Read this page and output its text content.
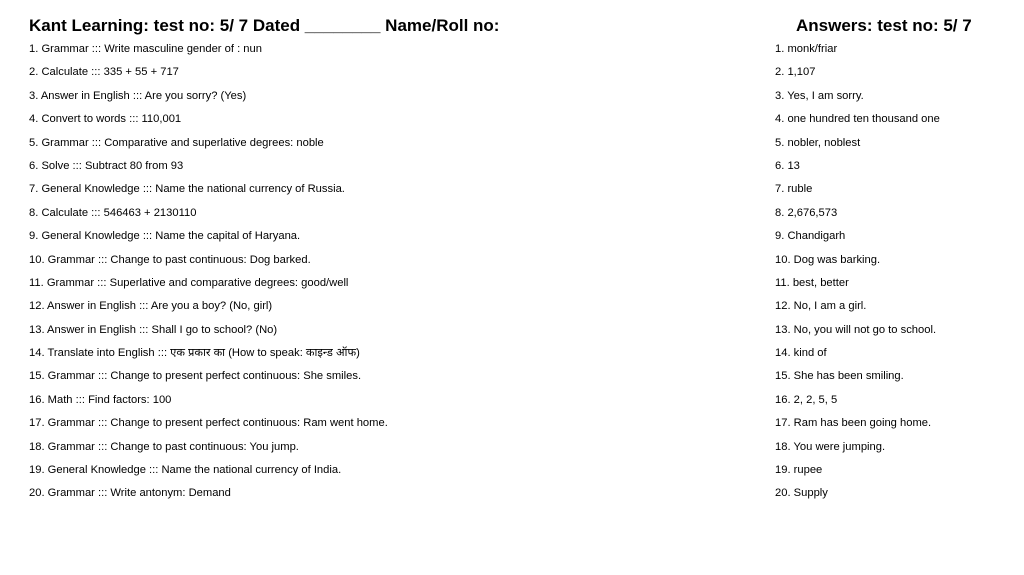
Kant Learning: test no: 5/ 7 Dated ________ Name/Roll no:	Answers: test no: 5/ 7
1. Grammar ::: Write masculine gender of : nun
2. Calculate ::: 335 + 55 + 717
3. Answer in English ::: Are you sorry? (Yes)
4. Convert to words ::: 110,001
5. Grammar ::: Comparative and superlative degrees: noble
6. Solve ::: Subtract 80 from 93
7. General Knowledge ::: Name the national currency of Russia.
8. Calculate ::: 546463 + 2130110
9. General Knowledge ::: Name the capital of Haryana.
10. Grammar ::: Change to past continuous: Dog barked.
11. Grammar ::: Superlative and comparative degrees: good/well
12. Answer in English ::: Are you a boy? (No, girl)
13. Answer in English ::: Shall I go to school? (No)
14. Translate into English ::: एक प्रकार का (How to speak: काइन्ड ऑफ)
15. Grammar ::: Change to present perfect continuous: She smiles.
16. Math ::: Find factors: 100
17. Grammar ::: Change to present perfect continuous: Ram went home.
18. Grammar ::: Change to past continuous: You jump.
19. General Knowledge ::: Name the national currency of India.
20. Grammar ::: Write antonym: Demand
1. monk/friar
2. 1,107
3. Yes, I am sorry.
4. one hundred ten thousand one
5. nobler, noblest
6. 13
7. ruble
8. 2,676,573
9. Chandigarh
10. Dog was barking.
11. best, better
12. No, I am a girl.
13. No, you will not go to school.
14. kind of
15. She has been smiling.
16. 2, 2, 5, 5
17. Ram has been going home.
18. You were jumping.
19. rupee
20. Supply
